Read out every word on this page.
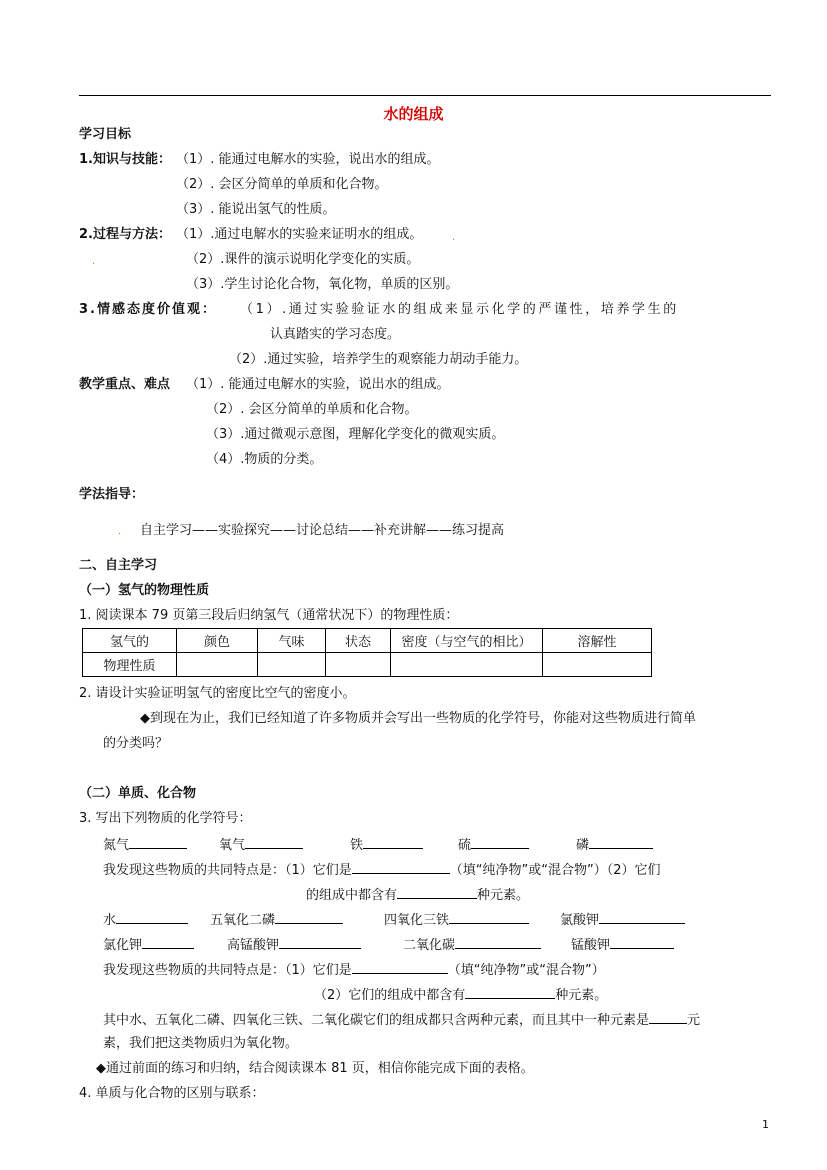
水的组成
学习目标
1.知识与技能： （1）. 能通过电解水的实验，说出水的组成。
（2）. 会区分简单的单质和化合物。
（3）. 能说出氢气的性质。
2.过程与方法： （1）.通过电解水的实验来证明水的组成。	.
.	（2）.课件的演示说明化学变化的实质。
（3）.学生讨论化合物，氧化物，单质的区别。
3.情感态度价值观： （1）.通过实验验证水的组成来显示化学的严谨性，培养学生的
认真踏实的学习态度。
（2）.通过实验，培养学生的观察能力胡动手能力。
教学重点、难点 （1）. 能通过电解水的实验，说出水的组成。
（2）. 会区分简单的单质和化合物。
（3）.通过微观示意图，理解化学变化的微观实质。
（4）.物质的分类。
学法指导：
. 自主学习——实验探究——讨论总结——补充讲解——练习提高
二、自主学习
（一）氢气的物理性质
1. 阅读课本 79 页第三段后归纳氢气（通常状况下）的物理性质：
氢气的	颜色	气味	状态	密度（与空气的相比）	溶解性
物理性质					
2. 请设计实验证明氢气的密度比空气的密度小。
◆到现在为止，我们已经知道了许多物质并会写出一些物质的化学符号，你能对这些物质进行简单
的分类吗？
（二）单质、化合物
3. 写出下列物质的化学符号：
氮气	氧气	铁	硫	磷
我发现这些物质的共同特点是：（1）它们是	（填“纯净物”或“混合物”）（2）它们
的组成中都含有	种元素。
水	五氧化二磷	四氧化三铁	氯酸钾
氯化钾	高锰酸钾	二氧化碳	锰酸钾
我发现这些物质的共同特点是：（1）它们是	（填“纯净物”或“混合物”）
（2）它们的组成中都含有	种元素。
其中水、五氧化二磷、四氧化三铁、二氧化碳它们的组成都只含两种元素，而且其中一种元素是	元
素，我们把这类物质归为氧化物。
◆通过前面的练习和归纳，结合阅读课本 81 页，相信你能完成下面的表格。
4. 单质与化合物的区别与联系：
1
